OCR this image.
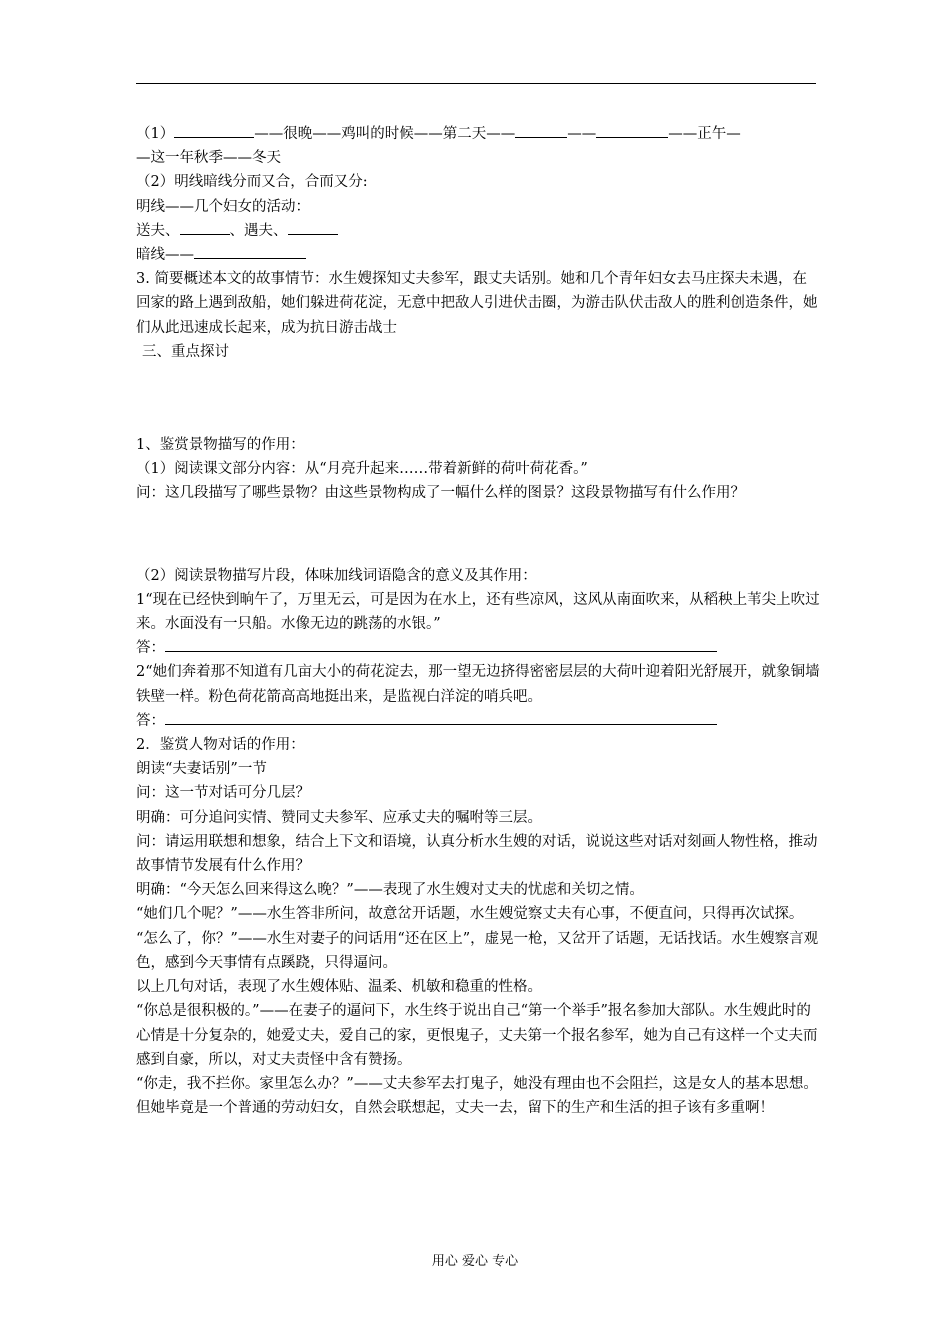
（1）	——很晚——鸡叫的时候——第二天——	——	——正午—

—这一年秋季——冬天

（2）明线暗线分而又合，合而又分:

明线——几个妇女的活动：

送夫、	、遇夫、

暗线——

3. 简要概述本文的故事情节：水生嫂探知丈夫参军，跟丈夫话别。她和几个青年妇女去马庄探夫未遇，在回家的路上遇到敌船，她们躲进荷花淀，无意中把敌人引进伏击圈，为游击队伏击敌人的胜利创造条件，她们从此迅速成长起来，成为抗日游击战士

三、重点探讨

1、鉴赏景物描写的作用：

（1）阅读课文部分内容：从“月亮升起来……带着新鲜的荷叶荷花香。”

问：这几段描写了哪些景物？由这些景物构成了一幅什么样的图景？这段景物描写有什么作用？

（2）阅读景物描写片段，体味加线词语隐含的意义及其作用：

1“现在已经快到晌午了，万里无云，可是因为在水上，还有些凉风，这风从南面吹来，从稻秧上苇尖上吹过来。水面没有一只船。水像无边的跳荡的水银。”

答：

2“她们奔着那不知道有几亩大小的荷花淀去，那一望无边挤得密密层层的大荷叶迎着阳光舒展开，就象铜墙铁壁一样。粉色荷花箭高高地挺出来，是监视白洋淀的哨兵吧。

答：

2．鉴赏人物对话的作用：

朗读“夫妻话别”一节

问：这一节对话可分几层？

明确：可分追问实情、赞同丈夫参军、应承丈夫的嘱咐等三层。

问：请运用联想和想象，结合上下文和语境，认真分析水生嫂的对话，说说这些对话对刻画人物性格，推动故事情节发展有什么作用？

明确：“今天怎么回来得这么晚？”——表现了水生嫂对丈夫的忧虑和关切之情。

“她们几个呢？”——水生答非所问，故意岔开话题，水生嫂觉察丈夫有心事，不便直问，只得再次试探。

“怎么了，你？”——水生对妻子的问话用“还在区上”，虚晃一枪，又岔开了话题，无话找话。水生嫂察言观色，感到今天事情有点蹊跷，只得逼问。

以上几句对话，表现了水生嫂体贴、温柔、机敏和稳重的性格。

“你总是很积极的。”——在妻子的逼问下，水生终于说出自己“第一个举手”报名参加大部队。水生嫂此时的心情是十分复杂的，她爱丈夫，爱自己的家，更恨鬼子，丈夫第一个报名参军，她为自己有这样一个丈夫而感到自豪，所以，对丈夫责怪中含有赞扬。

“你走，我不拦你。家里怎么办？”——丈夫参军去打鬼子，她没有理由也不会阻拦，这是女人的基本思想。但她毕竟是一个普通的劳动妇女，自然会联想起，丈夫一去，留下的生产和生活的担子该有多重啊！

用心 爱心 专心
